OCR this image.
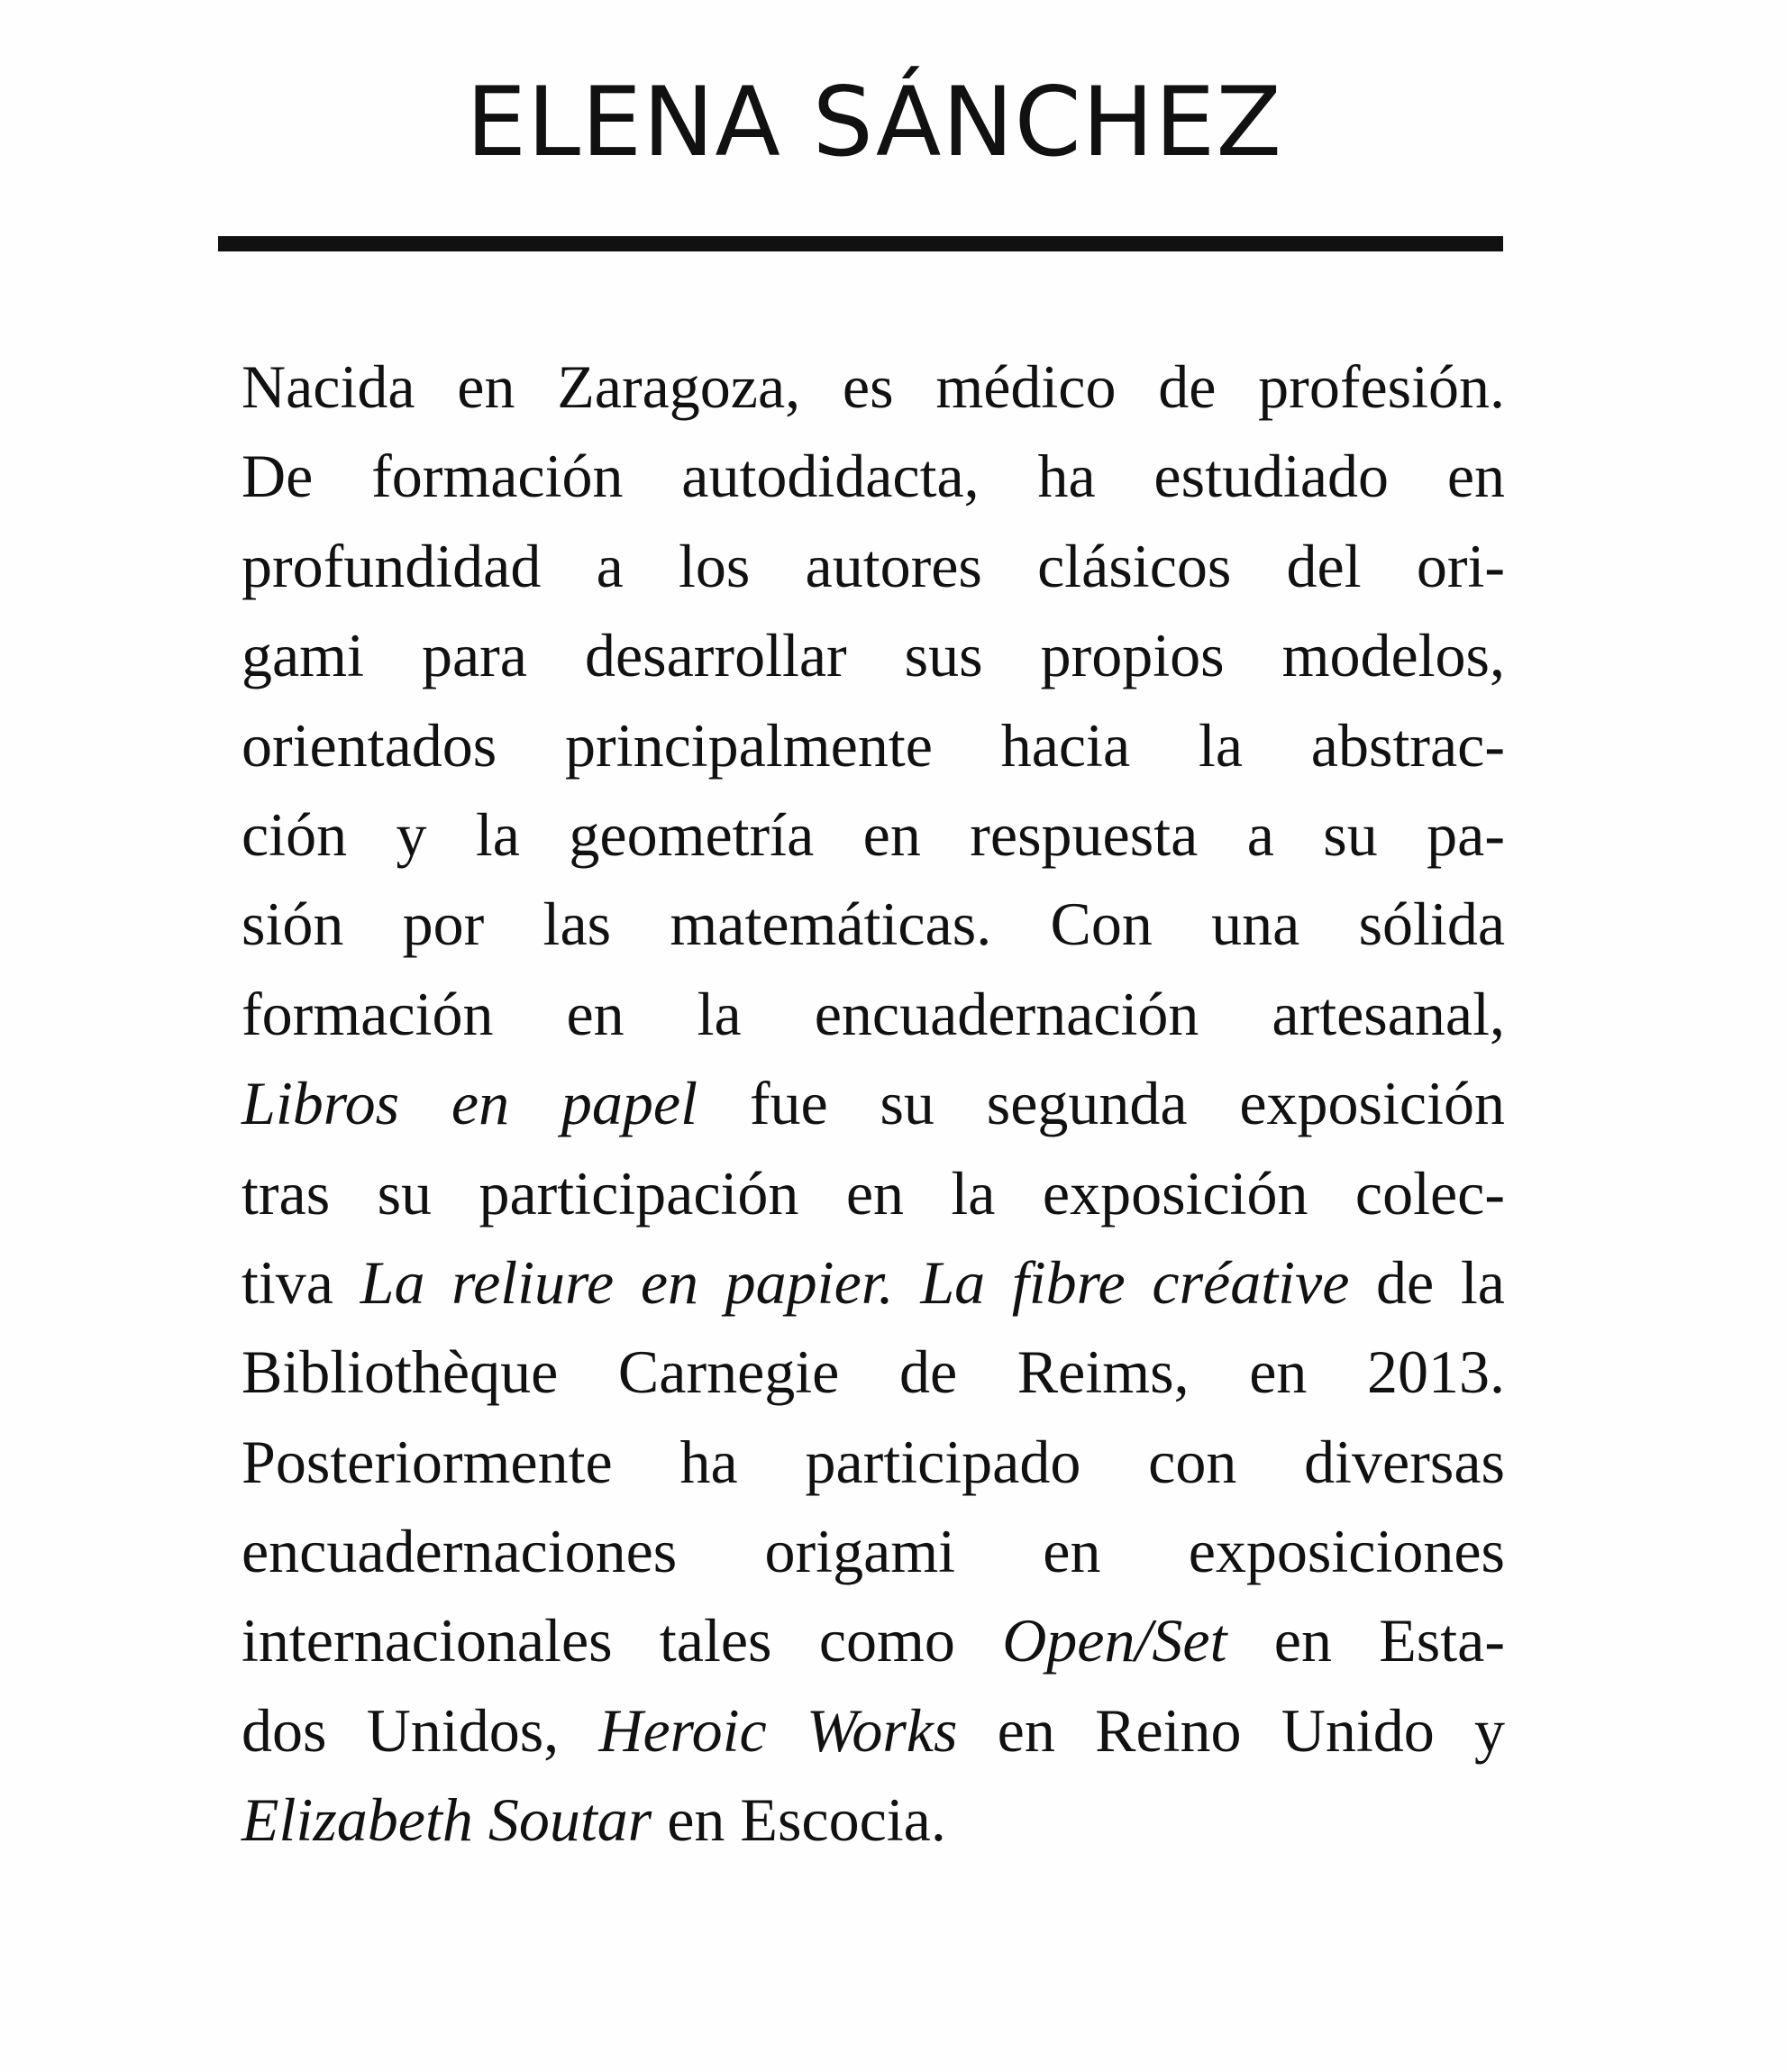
ELENA SÁNCHEZ
Nacida en Zaragoza, es médico de profesión.
De formación autodidacta, ha estudiado en
profundidad a los autores clásicos del ori-
gami para desarrollar sus propios modelos,
orientados principalmente hacia la abstrac-
ción y la geometría en respuesta a su pa-
sión por las matemáticas. Con una sólida
formación en la encuadernación artesanal,
Libros en papel fue su segunda exposición
tras su participación en la exposición colec-
tiva La reliure en papier. La fibre créative de la
Bibliothèque Carnegie de Reims, en 2013.
Posteriormente ha participado con diversas
encuadernaciones origami en exposiciones
internacionales tales como Open/Set en Esta-
dos Unidos, Heroic Works en Reino Unido y
Elizabeth Soutar en Escocia.
